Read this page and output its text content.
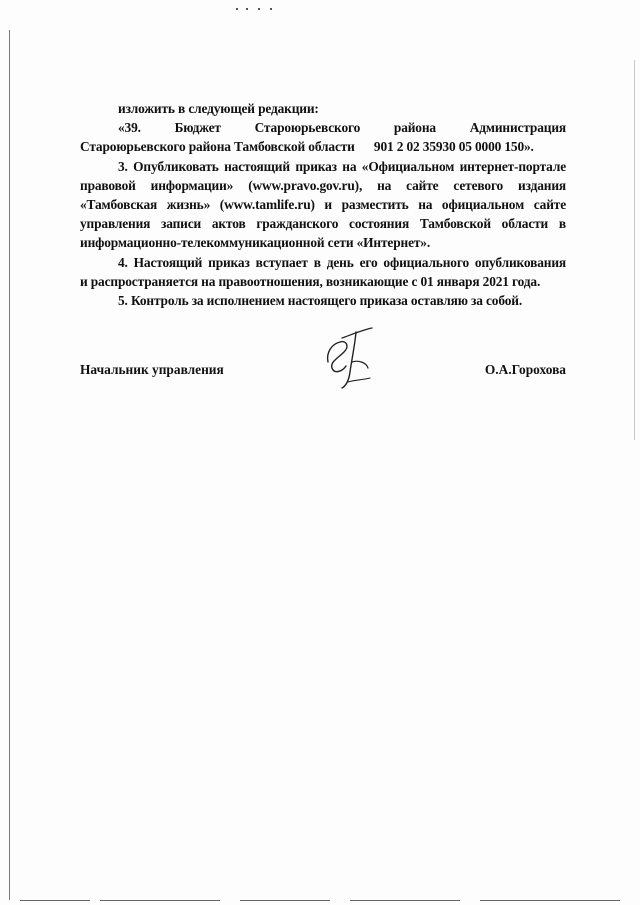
изложить в следующей редакции:
«39.	Бюджет	Староюрьевского	района	Администрация
Староюрьевского района Тамбовской области      901 2 02 35930 05 0000 150».
3. Опубликовать настоящий приказ на «Официальном интернет-портале
правовой информации» (www.pravo.gov.ru), на сайте сетевого издания
«Тамбовская жизнь» (www.tamlife.ru) и разместить на официальном сайте
управления записи актов гражданского состояния Тамбовской области в
информационно-телекоммуникационной сети «Интернет».
4. Настоящий приказ вступает в день его официального опубликования
и распространяется на правоотношения, возникающие с 01 января 2021 года.
5. Контроль за исполнением настоящего приказа оставляю за собой.
Начальник управления	О.А.Горохова
